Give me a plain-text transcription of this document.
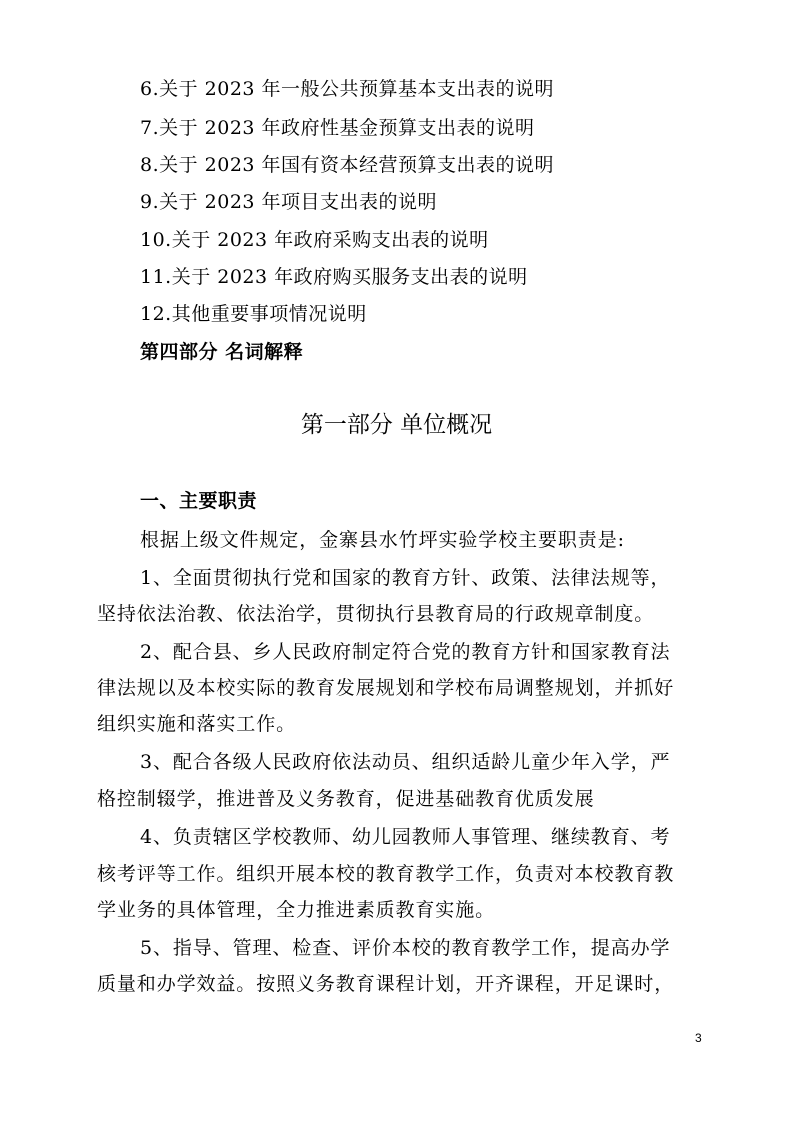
6.关于 2023 年一般公共预算基本支出表的说明
7.关于 2023 年政府性基金预算支出表的说明
8.关于 2023 年国有资本经营预算支出表的说明
9.关于 2023 年项目支出表的说明
10.关于 2023 年政府采购支出表的说明
11.关于 2023 年政府购买服务支出表的说明
12.其他重要事项情况说明
第四部分 名词解释
第一部分 单位概况
一、主要职责
根据上级文件规定，金寨县水竹坪实验学校主要职责是:
1、全面贯彻执行党和国家的教育方针、政策、法律法规等，
坚持依法治教、依法治学，贯彻执行县教育局的行政规章制度。
2、配合县、乡人民政府制定符合党的教育方针和国家教育法
律法规以及本校实际的教育发展规划和学校布局调整规划，并抓好
组织实施和落实工作。
3、配合各级人民政府依法动员、组织适龄儿童少年入学，严
格控制辍学，推进普及义务教育，促进基础教育优质发展
4、负责辖区学校教师、幼儿园教师人事管理、继续教育、考
核考评等工作。组织开展本校的教育教学工作，负责对本校教育教
学业务的具体管理，全力推进素质教育实施。
5、指导、管理、检查、评价本校的教育教学工作，提高办学
质量和办学效益。按照义务教育课程计划，开齐课程，开足课时，
3
